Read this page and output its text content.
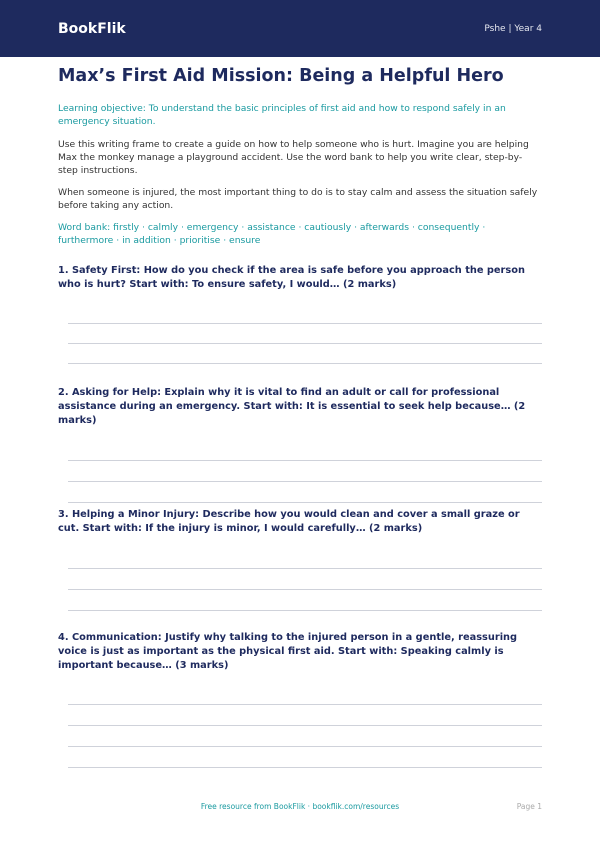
BookFlik	Pshe | Year 4
Max’s First Aid Mission: Being a Helpful Hero

Learning objective: To understand the basic principles of first aid and how to respond safely in an emergency situation.

Use this writing frame to create a guide on how to help someone who is hurt. Imagine you are helping Max the monkey manage a playground accident. Use the word bank to help you write clear, step-by-step instructions.

When someone is injured, the most important thing to do is to stay calm and assess the situation safely before taking any action.

Word bank: firstly · calmly · emergency · assistance · cautiously · afterwards · consequently · furthermore · in addition · prioritise · ensure

1. Safety First: How do you check if the area is safe before you approach the person who is hurt? Start with: To ensure safety, I would… (2 marks)

2. Asking for Help: Explain why it is vital to find an adult or call for professional assistance during an emergency. Start with: It is essential to seek help because… (2 marks)

3. Helping a Minor Injury: Describe how you would clean and cover a small graze or cut. Start with: If the injury is minor, I would carefully… (2 marks)

4. Communication: Justify why talking to the injured person in a gentle, reassuring voice is just as important as the physical first aid. Start with: Speaking calmly is important because… (3 marks)

Free resource from BookFlik · bookflik.com/resources	Page 1
